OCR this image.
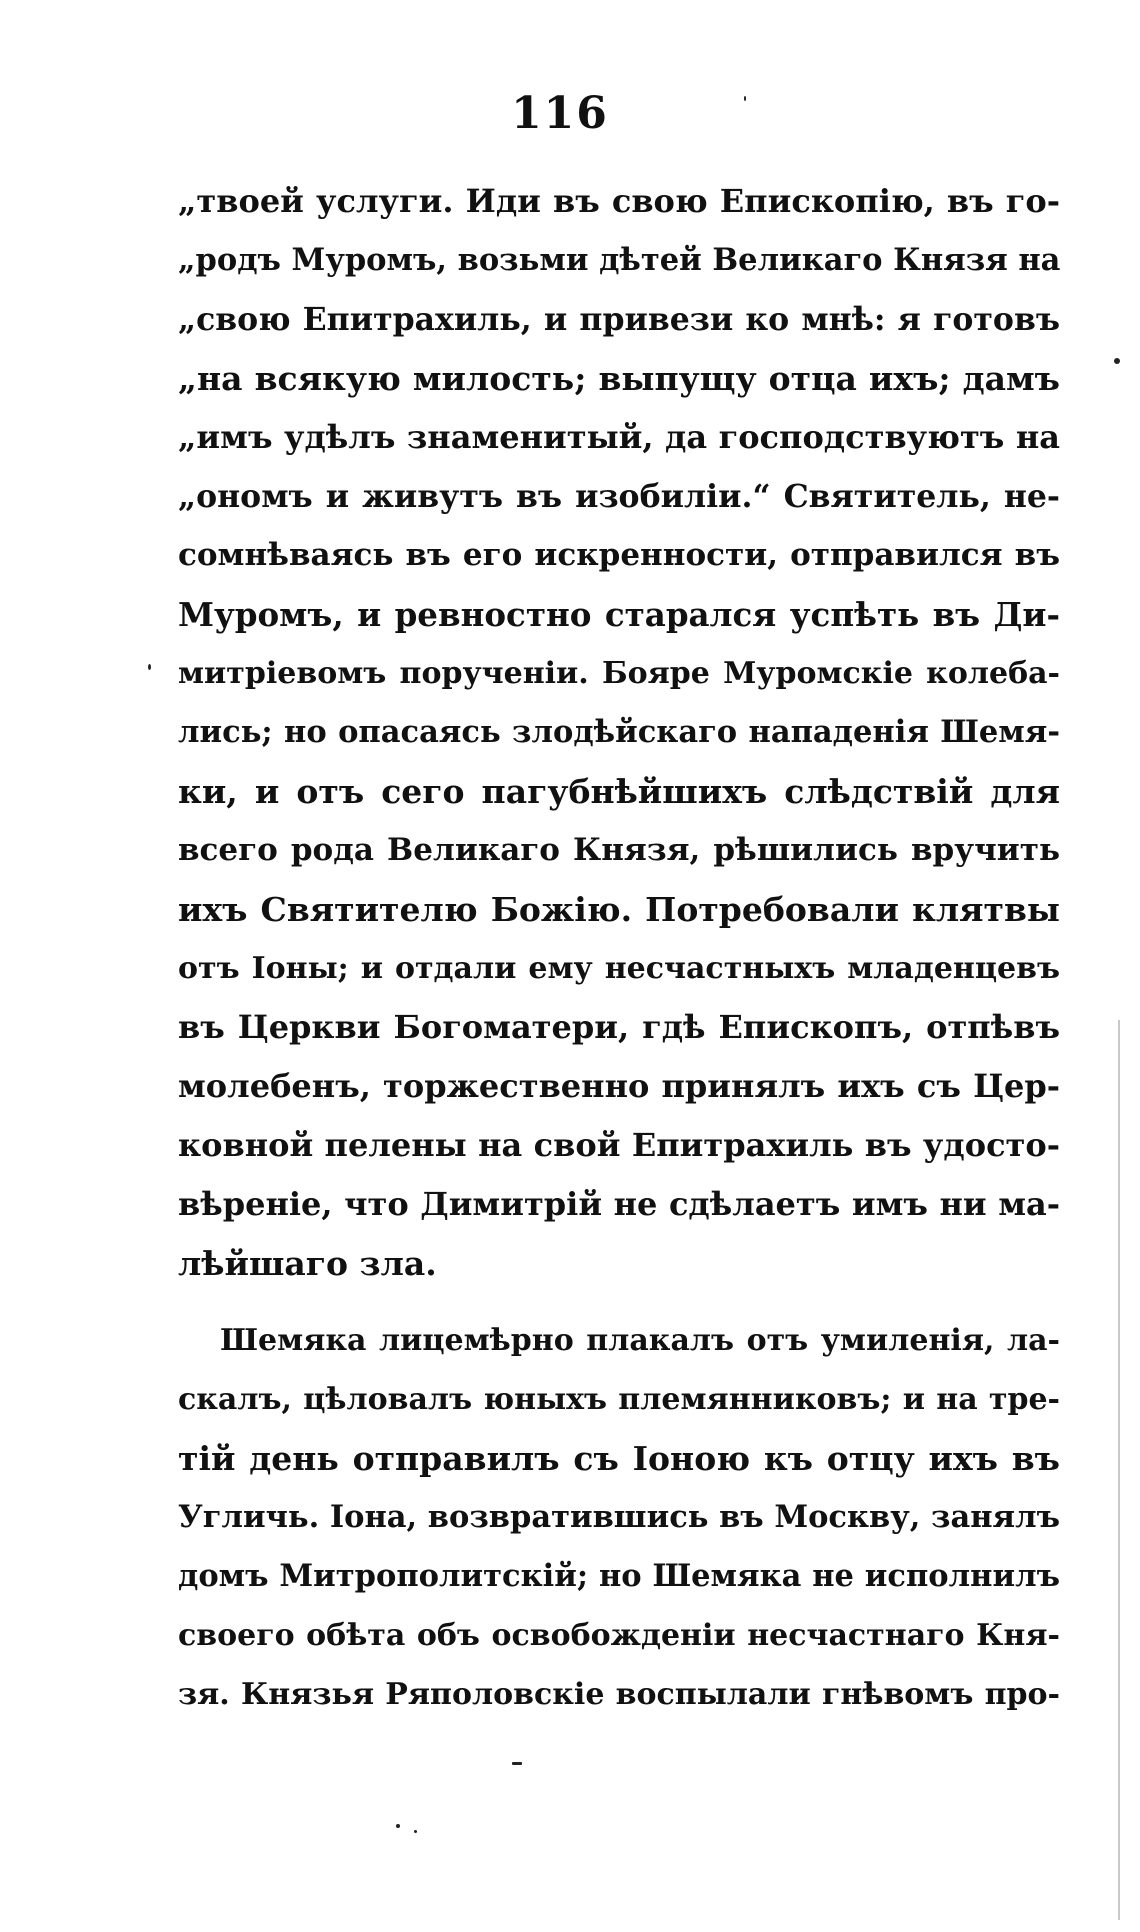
116
„твоей услуги. Иди въ свою Епископію, въ го-
„родъ Муромъ, возьми дѣтей Великаго Князя на
„свою Епитрахиль, и привези ко мнѣ: я готовъ
„на всякую милость; выпущу отца ихъ; дамъ
„имъ удѣлъ знаменитый, да господствуютъ на
„ономъ и живутъ въ изобиліи.“ Святитель, не-
сомнѣваясь въ его искренности, отправился въ
Муромъ, и ревностно старался успѣть въ Ди-
митріевомъ порученіи. Бояре Муромскіе колеба-
лись; но опасаясь злодѣйскаго нападенія Шемя-
ки, и отъ сего пагубнѣйшихъ слѣдствій для
всего рода Великаго Князя, рѣшились вручить
ихъ Святителю Божію. Потребовали клятвы
отъ Іоны; и отдали ему несчастныхъ младенцевъ
въ Церкви Богоматери, гдѣ Епископъ, отпѣвъ
молебенъ, торжественно принялъ ихъ съ Цер-
ковной пелены на свой Епитрахиль въ удосто-
вѣреніе, что Димитрій не сдѣлаетъ имъ ни ма-
лѣйшаго зла.
Шемяка лицемѣрно плакалъ отъ умиленія, ла-
скалъ, цѣловалъ юныхъ племянниковъ; и на тре-
тій день отправилъ съ Іоною къ отцу ихъ въ
Угличь. Іона, возвратившись въ Москву, занялъ
домъ Митрополитскій; но Шемяка не исполнилъ
своего обѣта объ освобожденіи несчастнаго Кня-
зя. Князья Ряполовскіе воспылали гнѣвомъ про-
